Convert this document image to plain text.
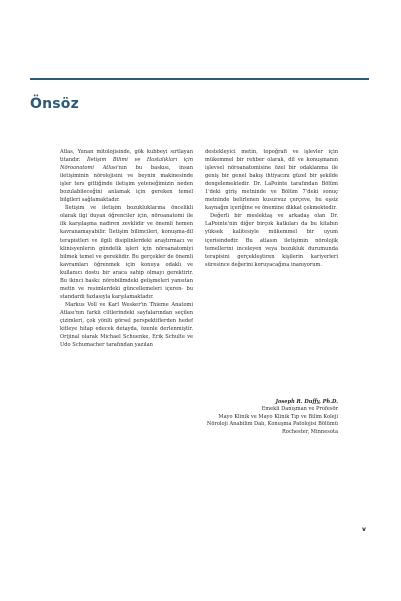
Önsöz

Atlas, Yunan mitolojisinde, gök kubbeyi sırtlayan titandır. İletişim Bilimi ve Hastalıkları için Nöroanatomi Atlası'nın bu baskısı, insan iletişiminin nörolojisini ve beynin makinesinde işler ters gittiğinde iletişim yeteneğimizin neden bozulabileceğini anlamak için gereken temel bilgileri sağlamaktadır.

İletişim ve iletişim bozukluklarına öncelikli olarak ilgi duyan öğrenciler için, nöroanatomi ile ilk karşılaşma nadiren zevklidir ve önemli hemen kavranamayabilir. İletişim bilimcileri, konuşma-dil terapistleri ve ilgili disiplinlerdeki araştırmacı ve klinisyenlerin gündelik işleri için nöroanatomiyi bilmek temel ve gereklidir. Bu gerçekler de önemli kavramları öğrenmek için konuya odaklı ve kullanıcı dostu bir araca sahip olmayı gerektirir. Bu ikinci baskı: nörobilimdeki gelişmeleri yansıtan metin ve resimlerdeki güncellemeleri içeren- bu standardı fazlasıyla karşılamaktadır.

Markus Voll ve Karl Wesker'in Thieme Anatomi Atlası'nın farklı ciltlerindeki sayfalarından seçilen çizimleri, çok yönlü görsel perspektiflerden hedef kitleye hitap edecek detayda, özenle derlenmiştir. Orijinal olarak Michael Schuenke, Erik Schulte ve Udo Schumacher tarafından yazılan

destekleyici metin, topoğrafi ve işlevler için mükemmel bir rehber olarak, dil ve konuşmanın işlevsel nöroanatomisine özel bir odaklanma ile geniş bir genel bakış ihtiyacını güzel bir şekilde dengelemektedir. Dr. LaPointe tarafından Bölüm 1'deki giriş metninde ve Bölüm 7'deki sonuç metninde belirlenen kusursuz çerçeve, bu eşsiz kaynağın içeriğine ve önemine dikkat çekmektedir.

Değerli bir meslektaş ve arkadaş olan Dr. LaPointe'nin diğer birçok katkıları da bu kitabın yüksek kalitesiyle mükemmel bir uyum içerisindedir. Bu atlasın iletişimin nörolojik temellerini inceleyen veya bozukluk durumunda terapisini gerçekleştiren kişilerin kariyerleri süresince değerini koruyacağına inanıyorum.

Joseph R. Duffy, Ph.D.
Emekli Danışman ve Profesör
Mayo Klinik ve Mayo Klinik Tıp ve Bilim Koleji
Nöroloji Anabilim Dalı, Konuşma Patolojisi Bölümü
Rochester, Minnesota
v
